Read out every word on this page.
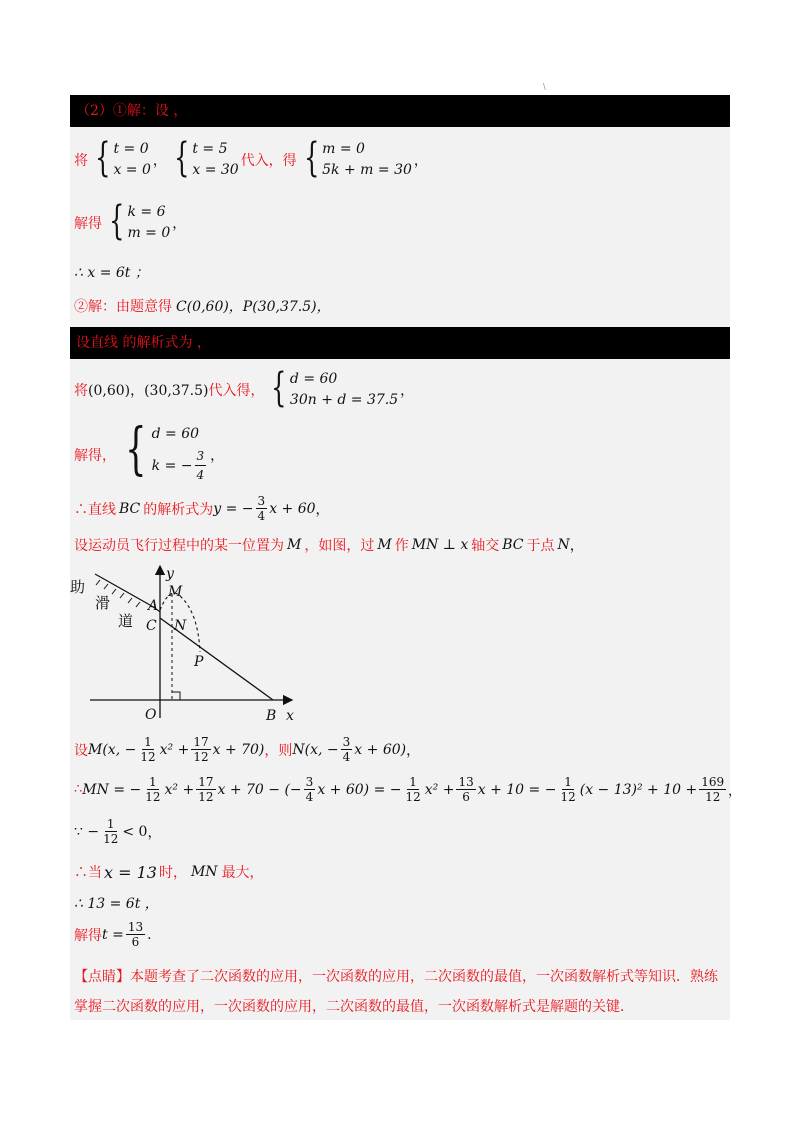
\
（2）①解：设 ，
将 { t = 0
x = 0
， { t = 5
x = 30
代入，得 { m = 0
5k + m = 30
，
解得 { k = 6
m = 0
，
∴ x = 6t ；
②解：由题意得 C(0,60)，P(30,37.5)，
设直线 的解析式为 ，
将 (0,60)，(30,37.5) 代入得， { d = 60
30n + d = 37.5
，
解得， { d = 60
k = − $\frac{3}{4}$ ，
∴直线 BC 的解析式为 y = − $\frac{3}{4}$ x + 60 ，
设运动员飞行过程中的某一位置为 M ，如图，过 M 作 MN ⊥ x 轴交 BC 于点 N ，
助
滑
道
y
x
O	B
A
C
M
N
P
设 M(x, − $\frac{1}{12} x^2 + \frac{17}{12}$ x + 70) ，则 N(x, − $\frac{3}{4}$ x + 60) ，
∴ MN = − $\frac{1}{12} x^2 + \frac{17}{12}$ x + 70 − (− $\frac{3}{4}$ x + 60) = − $\frac{1}{12} x^2 + \frac{13}{6}$ x + 10 = − $\frac{1}{12} (x - 13)^2 + 10 + \frac{169}{12}$ ，
∵ − $\frac{1}{12} < 0$ ，
∴当 x = 13 时， MN 最大，
∴ 13 = 6t ，
解得 $t = \frac{13}{6}$ .
【点睛】本题考查了二次函数的应用，一次函数的应用，二次函数的最值，一次函数解析式等知识．熟练掌握二次函数的应用，一次函数的应用，二次函数的最值，一次函数解析式是解题的关键．
